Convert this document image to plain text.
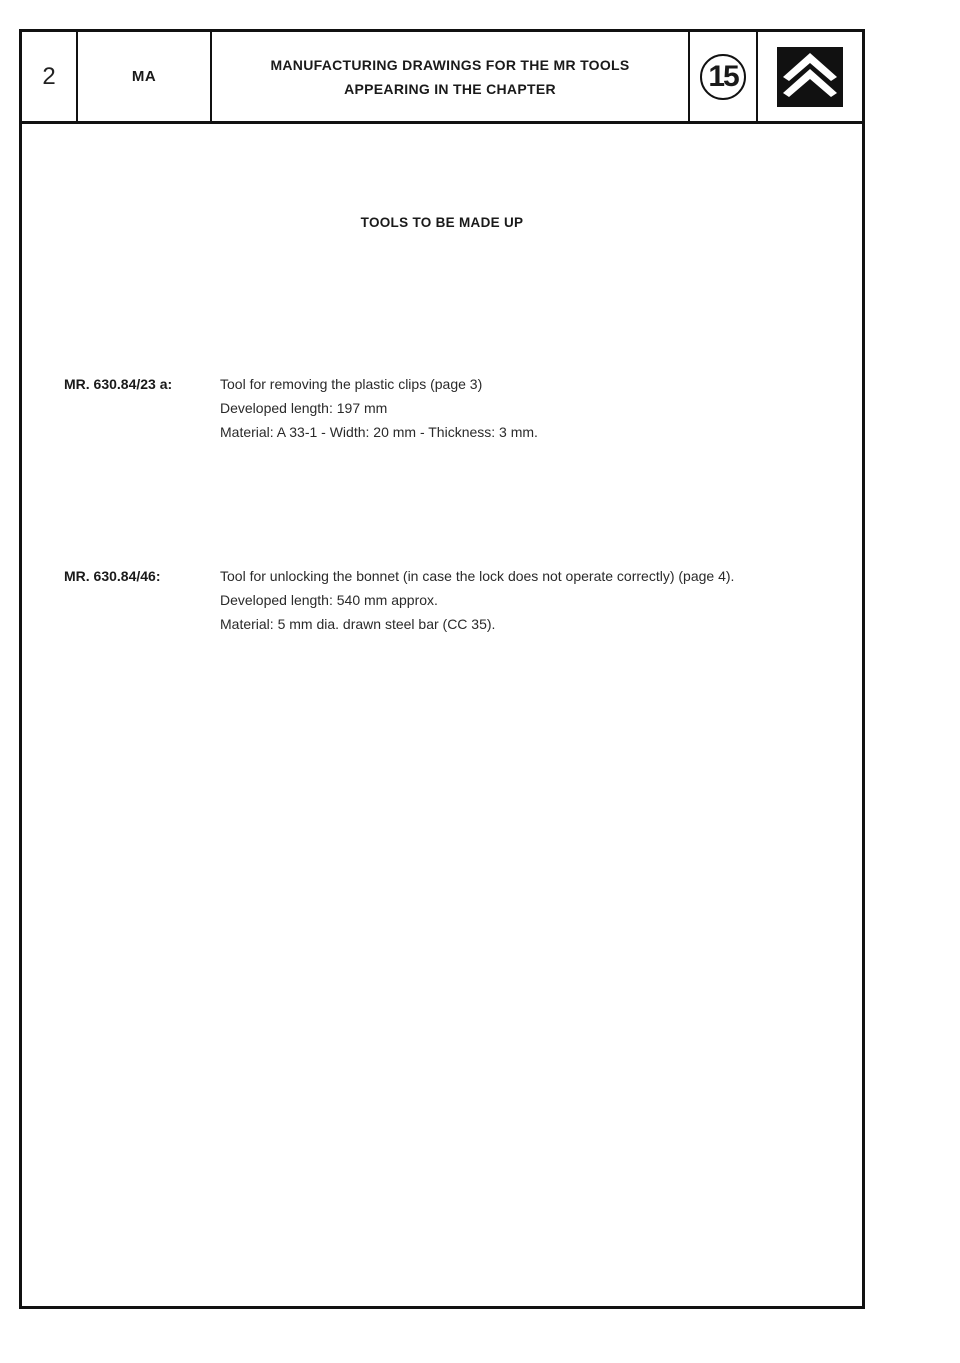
2	MA
MANUFACTURING DRAWINGS FOR THE MR TOOLS
APPEARING IN THE CHAPTER	15
TOOLS TO BE MADE UP
MR. 630.84/23 a:	Tool for removing the plastic clips (page 3)
Developed length: 197 mm
Material: A 33-1 - Width: 20 mm - Thickness: 3 mm.
MR. 630.84/46:	Tool for unlocking the bonnet (in case the lock does not operate correctly) (page 4).
Developed length: 540 mm approx.
Material: 5 mm dia. drawn steel bar (CC 35).
